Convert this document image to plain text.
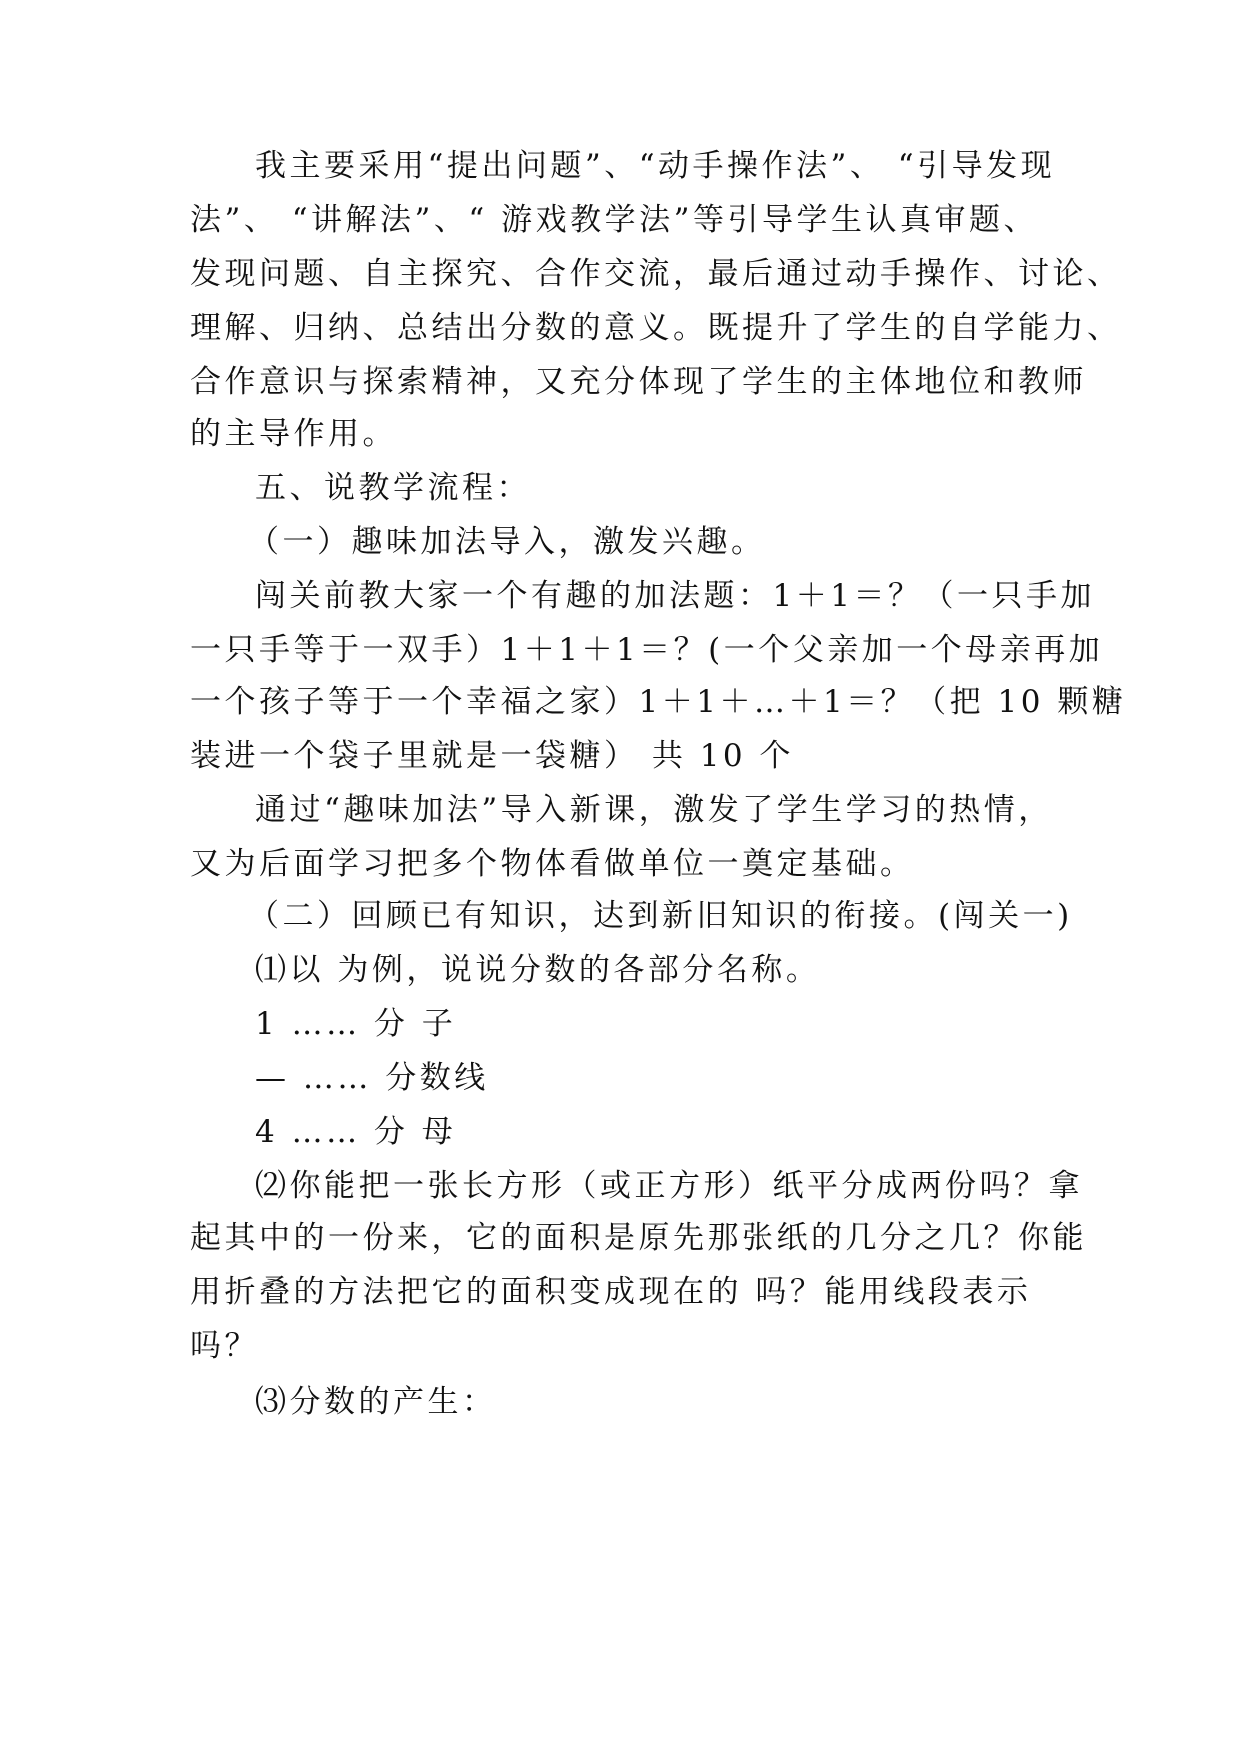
我主要采用“提出问题”、“动手操作法”、 “引导发现
法”、 “讲解法”、“ 游戏教学法”等引导学生认真审题、
发现问题、自主探究、合作交流，最后通过动手操作、讨论、
理解、归纳、总结出分数的意义。既提升了学生的自学能力、
合作意识与探索精神，又充分体现了学生的主体地位和教师
的主导作用。
五、说教学流程：
（一）趣味加法导入，激发兴趣。
闯关前教大家一个有趣的加法题：1＋1＝？（一只手加
一只手等于一双手）1＋1＋1＝？(一个父亲加一个母亲再加
一个孩子等于一个幸福之家）1＋1＋…＋1＝？（把 10 颗糖
装进一个袋子里就是一袋糖） 共 10 个
通过“趣味加法”导入新课，激发了学生学习的热情，
又为后面学习把多个物体看做单位一奠定基础。
（二）回顾已有知识，达到新旧知识的衔接。(闯关一)
⑴以 为例，说说分数的各部分名称。
1 …… 分 子
— …… 分数线
4 …… 分 母
⑵你能把一张长方形（或正方形）纸平分成两份吗？拿
起其中的一份来，它的面积是原先那张纸的几分之几？你能
用折叠的方法把它的面积变成现在的 吗？能用线段表示
吗？
⑶分数的产生：
